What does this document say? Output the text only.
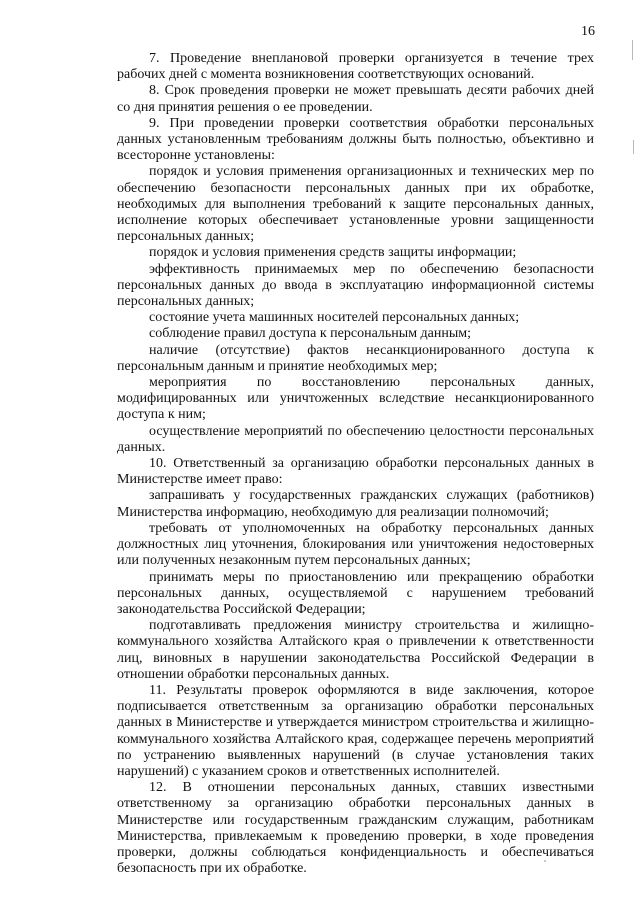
16

7. Проведение внеплановой проверки организуется в течение трех рабочих дней с момента возникновения соответствующих оснований.

8. Срок проведения проверки не может превышать десяти рабочих дней со дня принятия решения о ее проведении.

9. При проведении проверки соответствия обработки персональных данных установленным требованиям должны быть полностью, объективно и всесторонне установлены:

порядок и условия применения организационных и технических мер по обеспечению безопасности персональных данных при их обработке, необходимых для выполнения требований к защите персональных данных, исполнение которых обеспечивает установленные уровни защищенности персональных данных;

порядок и условия применения средств защиты информации;

эффективность принимаемых мер по обеспечению безопасности персональных данных до ввода в эксплуатацию информационной системы персональных данных;

состояние учета машинных носителей персональных данных;

соблюдение правил доступа к персональным данным;

наличие (отсутствие) фактов несанкционированного доступа к персональным данным и принятие необходимых мер;

мероприятия по восстановлению персональных данных, модифицированных или уничтоженных вследствие несанкционированного доступа к ним;

осуществление мероприятий по обеспечению целостности персональных данных.

10. Ответственный за организацию обработки персональных данных в Министерстве имеет право:

запрашивать у государственных гражданских служащих (работников) Министерства информацию, необходимую для реализации полномочий;

требовать от уполномоченных на обработку персональных данных должностных лиц уточнения, блокирования или уничтожения недостоверных или полученных незаконным путем персональных данных;

принимать меры по приостановлению или прекращению обработки персональных данных, осуществляемой с нарушением требований законодательства Российской Федерации;

подготавливать предложения министру строительства и жилищно-коммунального хозяйства Алтайского края о привлечении к ответственности лиц, виновных в нарушении законодательства Российской Федерации в отношении обработки персональных данных.

11. Результаты проверок оформляются в виде заключения, которое подписывается ответственным за организацию обработки персональных данных в Министерстве и утверждается министром строительства и жилищно-коммунального хозяйства Алтайского края, содержащее перечень мероприятий по устранению выявленных нарушений (в случае установления таких нарушений) с указанием сроков и ответственных исполнителей.

12. В отношении персональных данных, ставших известными ответственному за организацию обработки персональных данных в Министерстве или государственным гражданским служащим, работникам Министерства, привлекаемым к проведению проверки, в ходе проведения проверки, должны соблюдаться конфиденциальность и обеспечиваться безопасность при их обработке.
